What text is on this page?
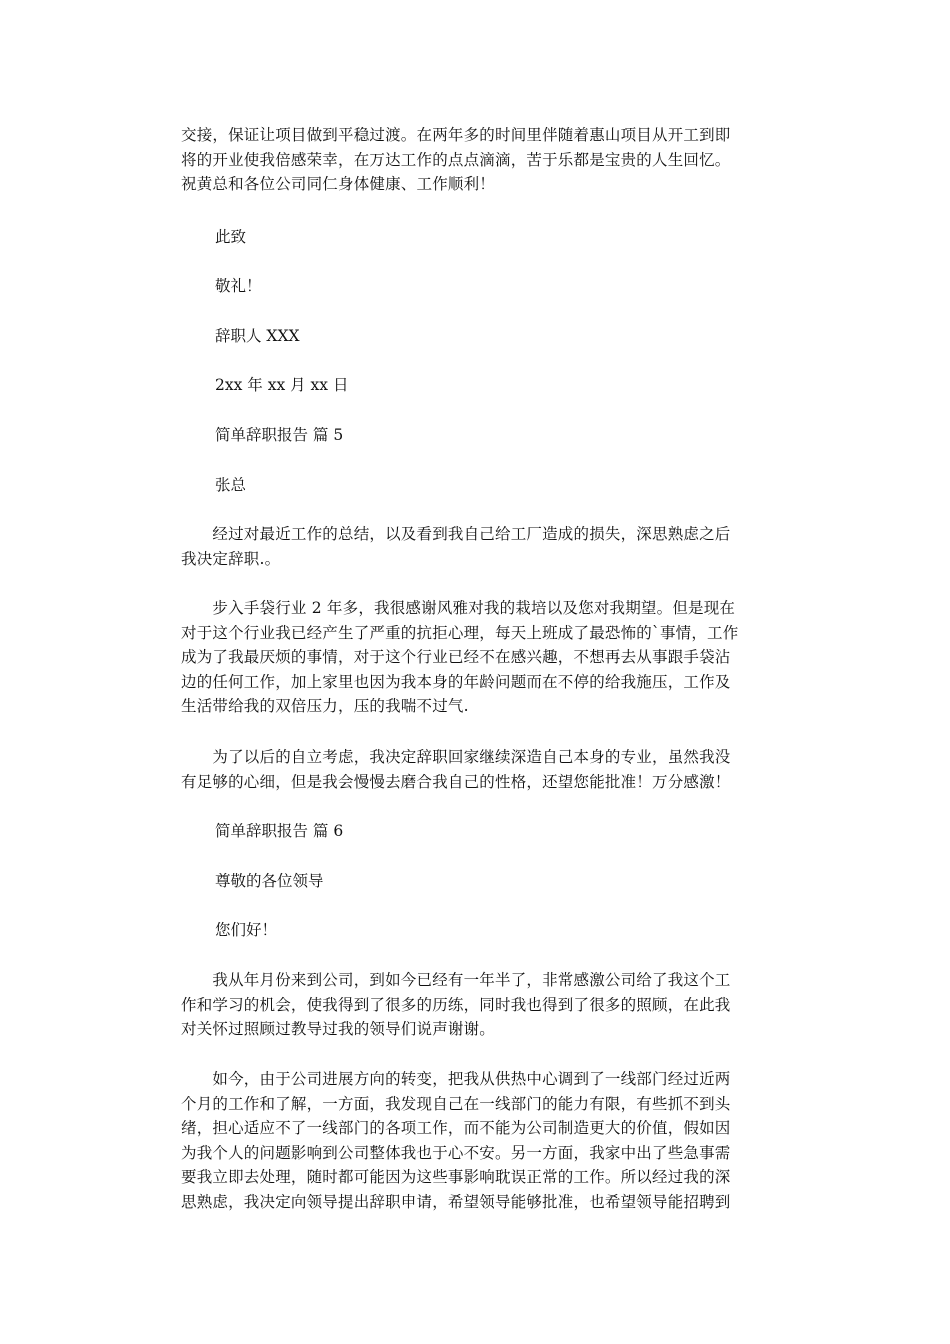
交接，保证让项目做到平稳过渡。在两年多的时间里伴随着惠山项目从开工到即
将的开业使我倍感荣幸，在万达工作的点点滴滴，苦于乐都是宝贵的人生回忆。
祝黄总和各位公司同仁身体健康、工作顺利！

此致

敬礼！

辞职人 XXX

2xx 年 xx 月 xx 日

简单辞职报告 篇 5

张总

　　经过对最近工作的总结，以及看到我自己给工厂造成的损失，深思熟虑之后
我决定辞职.。

　　步入手袋行业 2 年多，我很感谢风雅对我的栽培以及您对我期望。但是现在
对于这个行业我已经产生了严重的抗拒心理，每天上班成了最恐怖的`事情，工作
成为了我最厌烦的事情，对于这个行业已经不在感兴趣，不想再去从事跟手袋沾
边的任何工作，加上家里也因为我本身的年龄问题而在不停的给我施压，工作及
生活带给我的双倍压力，压的我喘不过气.

　　为了以后的自立考虑，我决定辞职回家继续深造自己本身的专业，虽然我没
有足够的心细，但是我会慢慢去磨合我自己的性格，还望您能批准！万分感激！

简单辞职报告 篇 6

尊敬的各位领导

您们好！

　　我从年月份来到公司，到如今已经有一年半了，非常感激公司给了我这个工
作和学习的机会，使我得到了很多的历练，同时我也得到了很多的照顾，在此我
对关怀过照顾过教导过我的领导们说声谢谢。

　　如今，由于公司进展方向的转变，把我从供热中心调到了一线部门经过近两
个月的工作和了解，一方面，我发现自己在一线部门的能力有限，有些抓不到头
绪，担心适应不了一线部门的各项工作，而不能为公司制造更大的价值，假如因
为我个人的问题影响到公司整体我也于心不安。另一方面，我家中出了些急事需
要我立即去处理，随时都可能因为这些事影响耽误正常的工作。所以经过我的深
思熟虑，我决定向领导提出辞职申请，希望领导能够批准，也希望领导能招聘到
